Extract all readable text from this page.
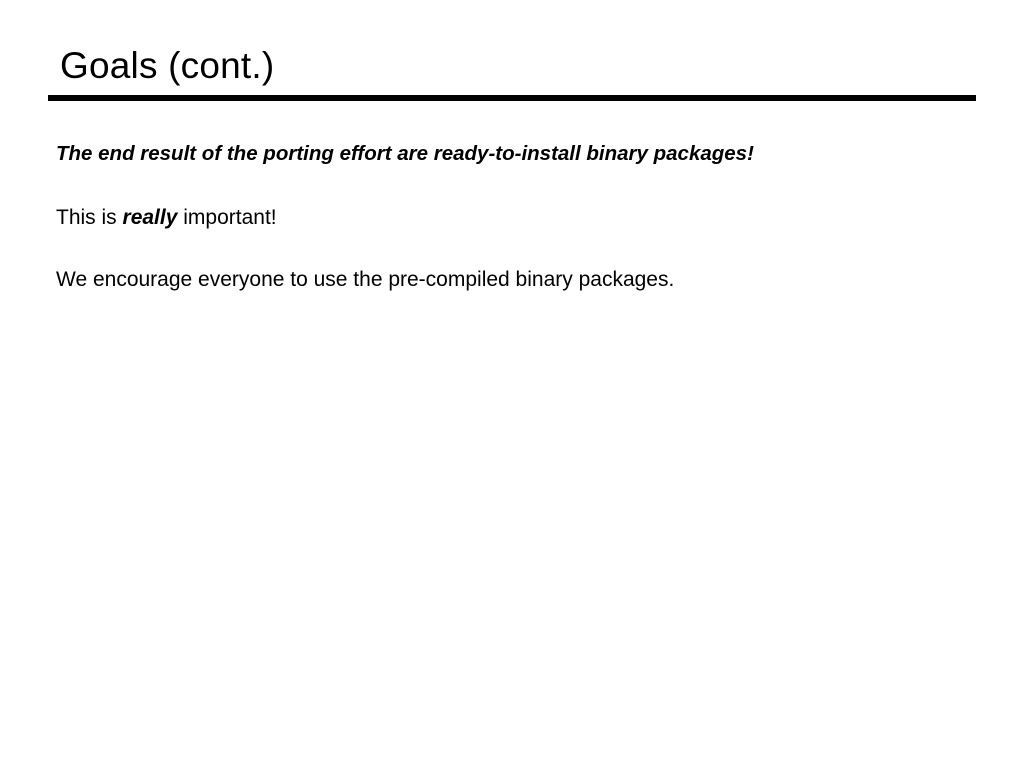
Goals (cont.)

The end result of the porting effort are ready-to-install binary packages!

This is really important!

We encourage everyone to use the pre-compiled binary packages.
